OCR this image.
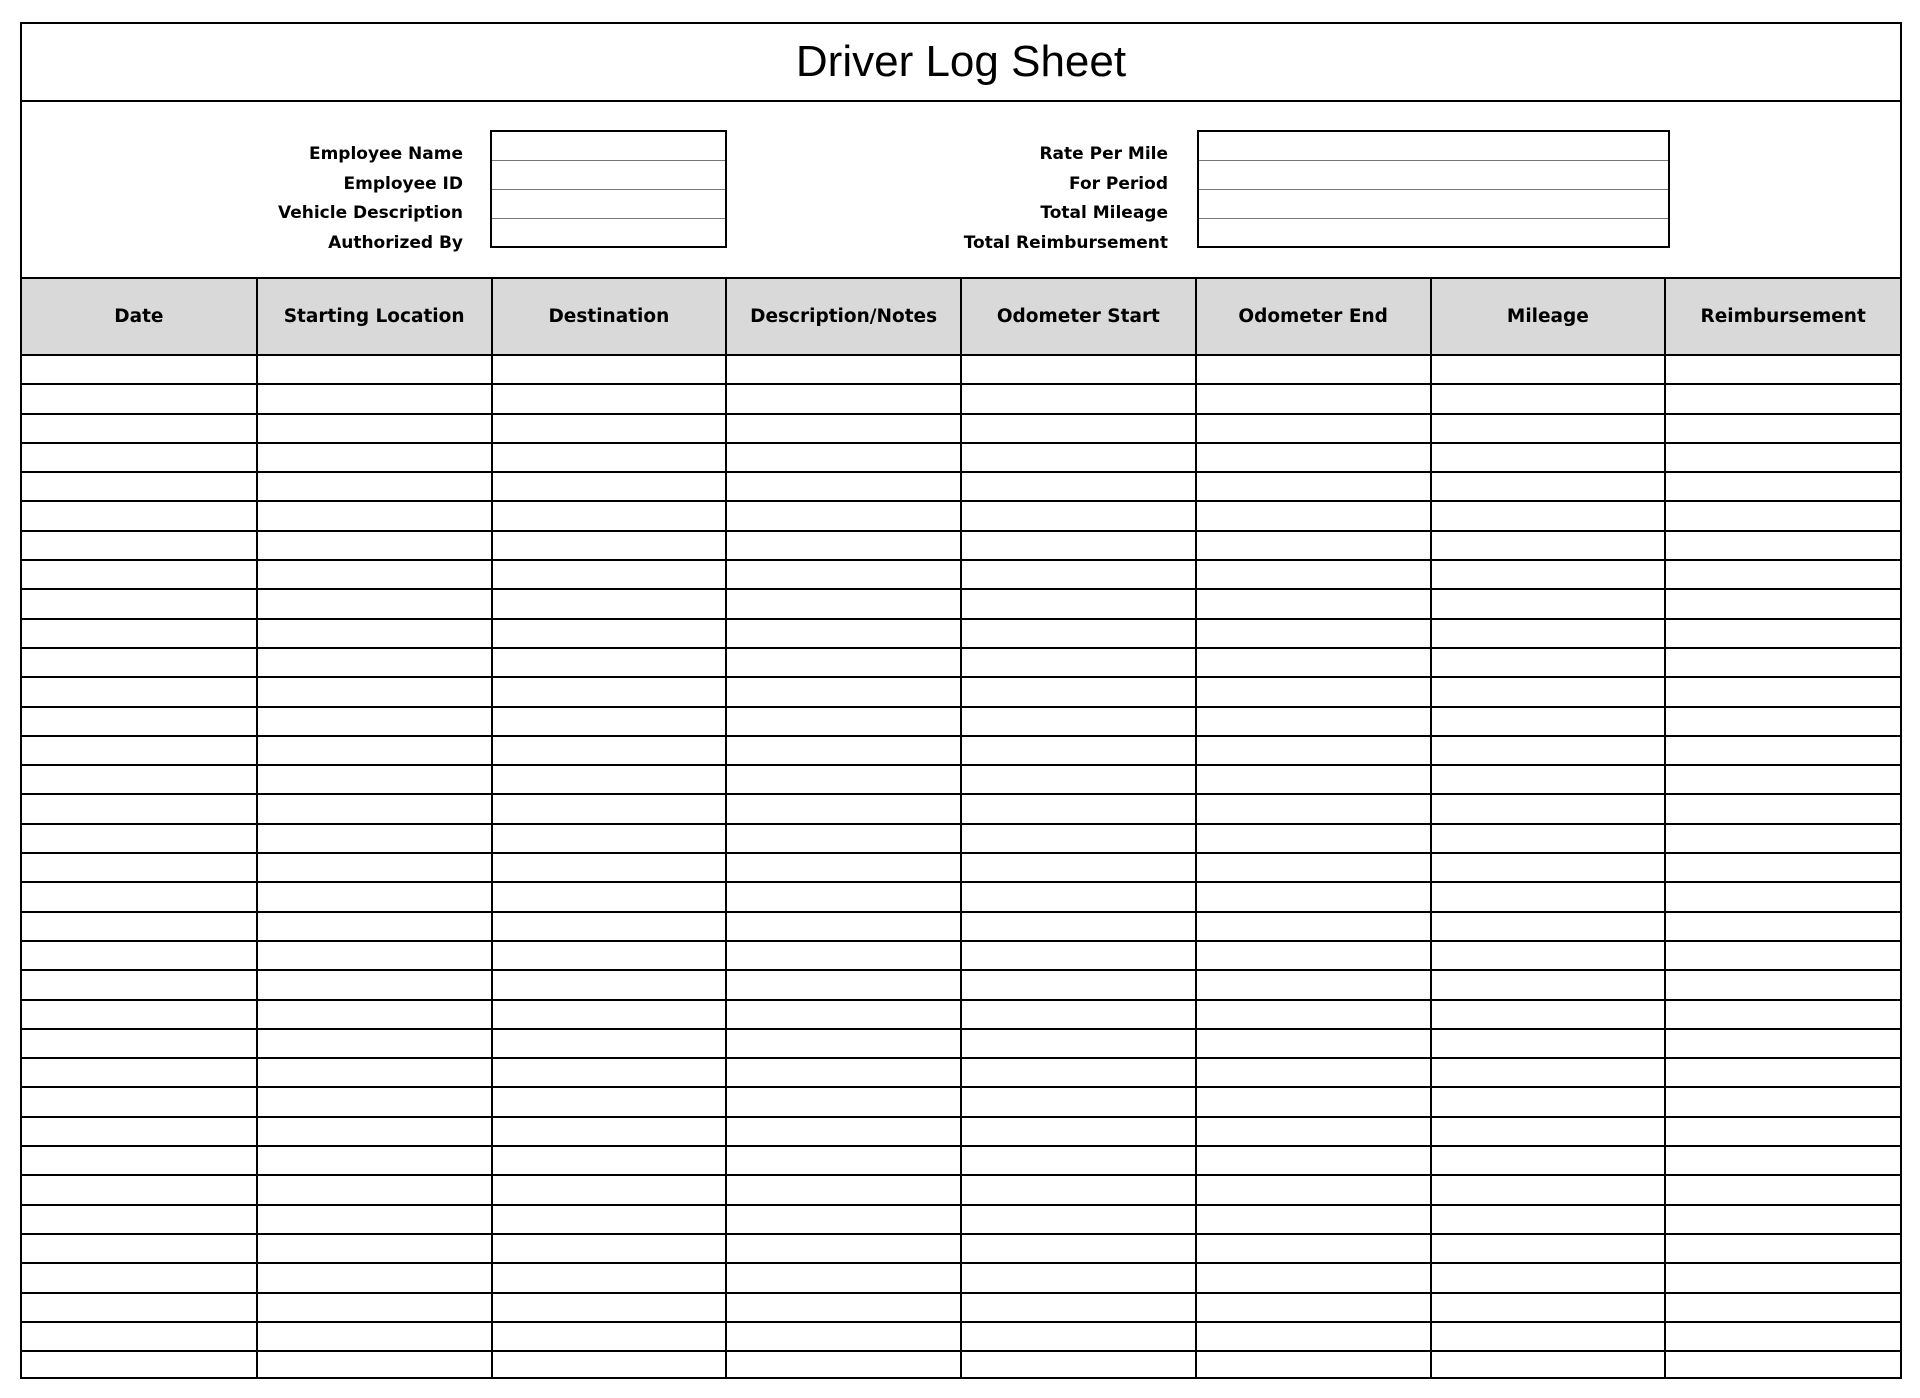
Driver Log Sheet
Employee Name
Employee ID
Vehicle Description
Authorized By
Rate Per Mile
For Period
Total Mileage
Total Reimbursement
Date	Starting Location	Destination	Description/Notes	Odometer Start	Odometer End	Mileage	Reimbursement
